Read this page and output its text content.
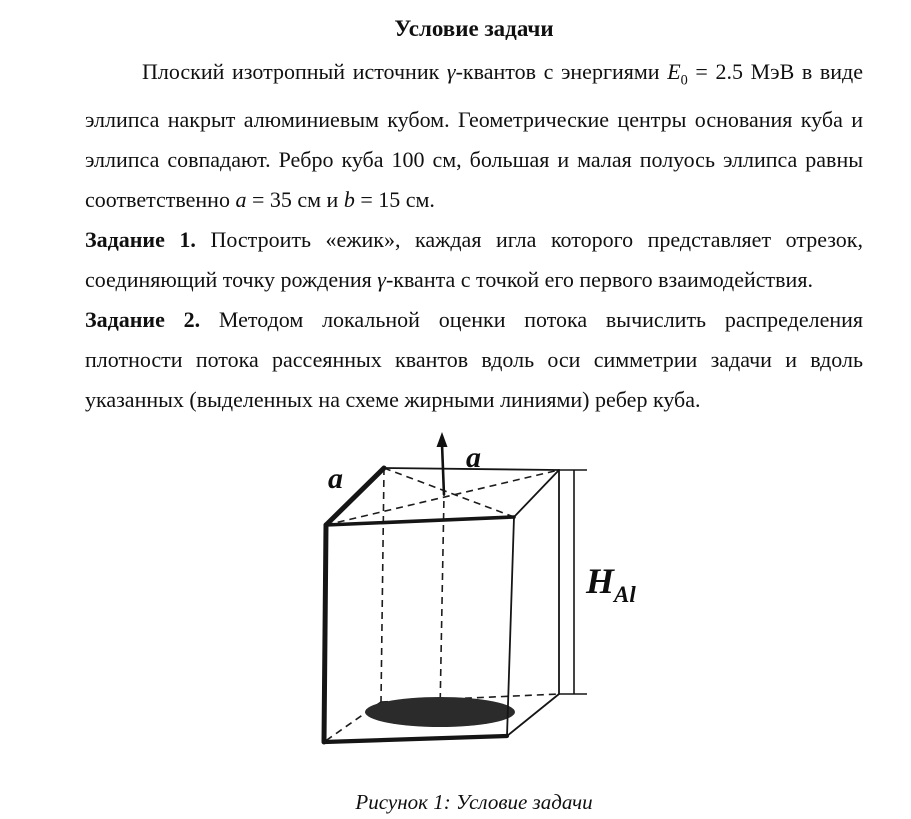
Условие задачи

Плоский изотропный источник γ-квантов с энергиями $E_0 = 2.5$ МэВ в виде эллипса накрыт алюминиевым кубом. Геометрические центры основания куба и эллипса совпадают. Ребро куба 100 см, большая и малая полуось эллипса равны соответственно a = 35 см и b = 15 см.

Задание 1. Построить «ежик», каждая игла которого представляет отрезок, соединяющий точку рождения γ-кванта с точкой его первого взаимодействия.

Задание 2. Методом локальной оценки потока вычислить распределения плотности потока рассеянных квантов вдоль оси симметрии задачи и вдоль указанных (выделенных на схеме жирными линиями) ребер куба.

a
a
$H_{Al}$
Рисунок 1: Условие задачи
